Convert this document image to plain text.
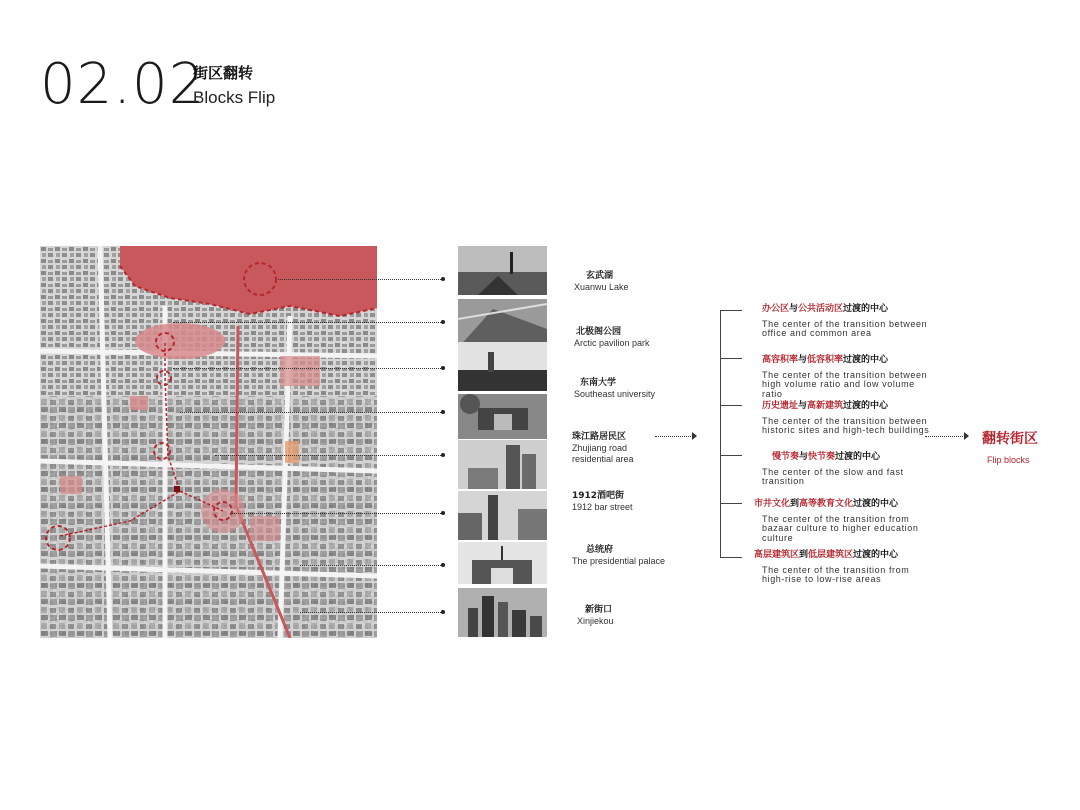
02.02
街区翻转
Blocks Flip
玄武湖
Xuanwu Lake
北极阁公园
Arctic pavilion park
东南大学
Southeast university
珠江路居民区
Zhujiang road residential area
1912酒吧街
1912 bar street
总统府
The presidential palace
新街口
Xinjiekou
办公区与公共活动区过渡的中心
The center of the transition between office and common area
高容积率与低容积率过渡的中心
The center of the transition between high volume ratio and low volume ratio
历史遗址与高新建筑过渡的中心
The center of the transition between historic sites and high-tech buildings
慢节奏与快节奏过渡的中心
The center of the slow and fast transition
市井文化到高等教育文化过渡的中心
The center of the transition from bazaar culture to higher education culture
高层建筑区到低层建筑区过渡的中心
The center of the transition from high-rise to low-rise areas
翻转街区
Flip blocks
